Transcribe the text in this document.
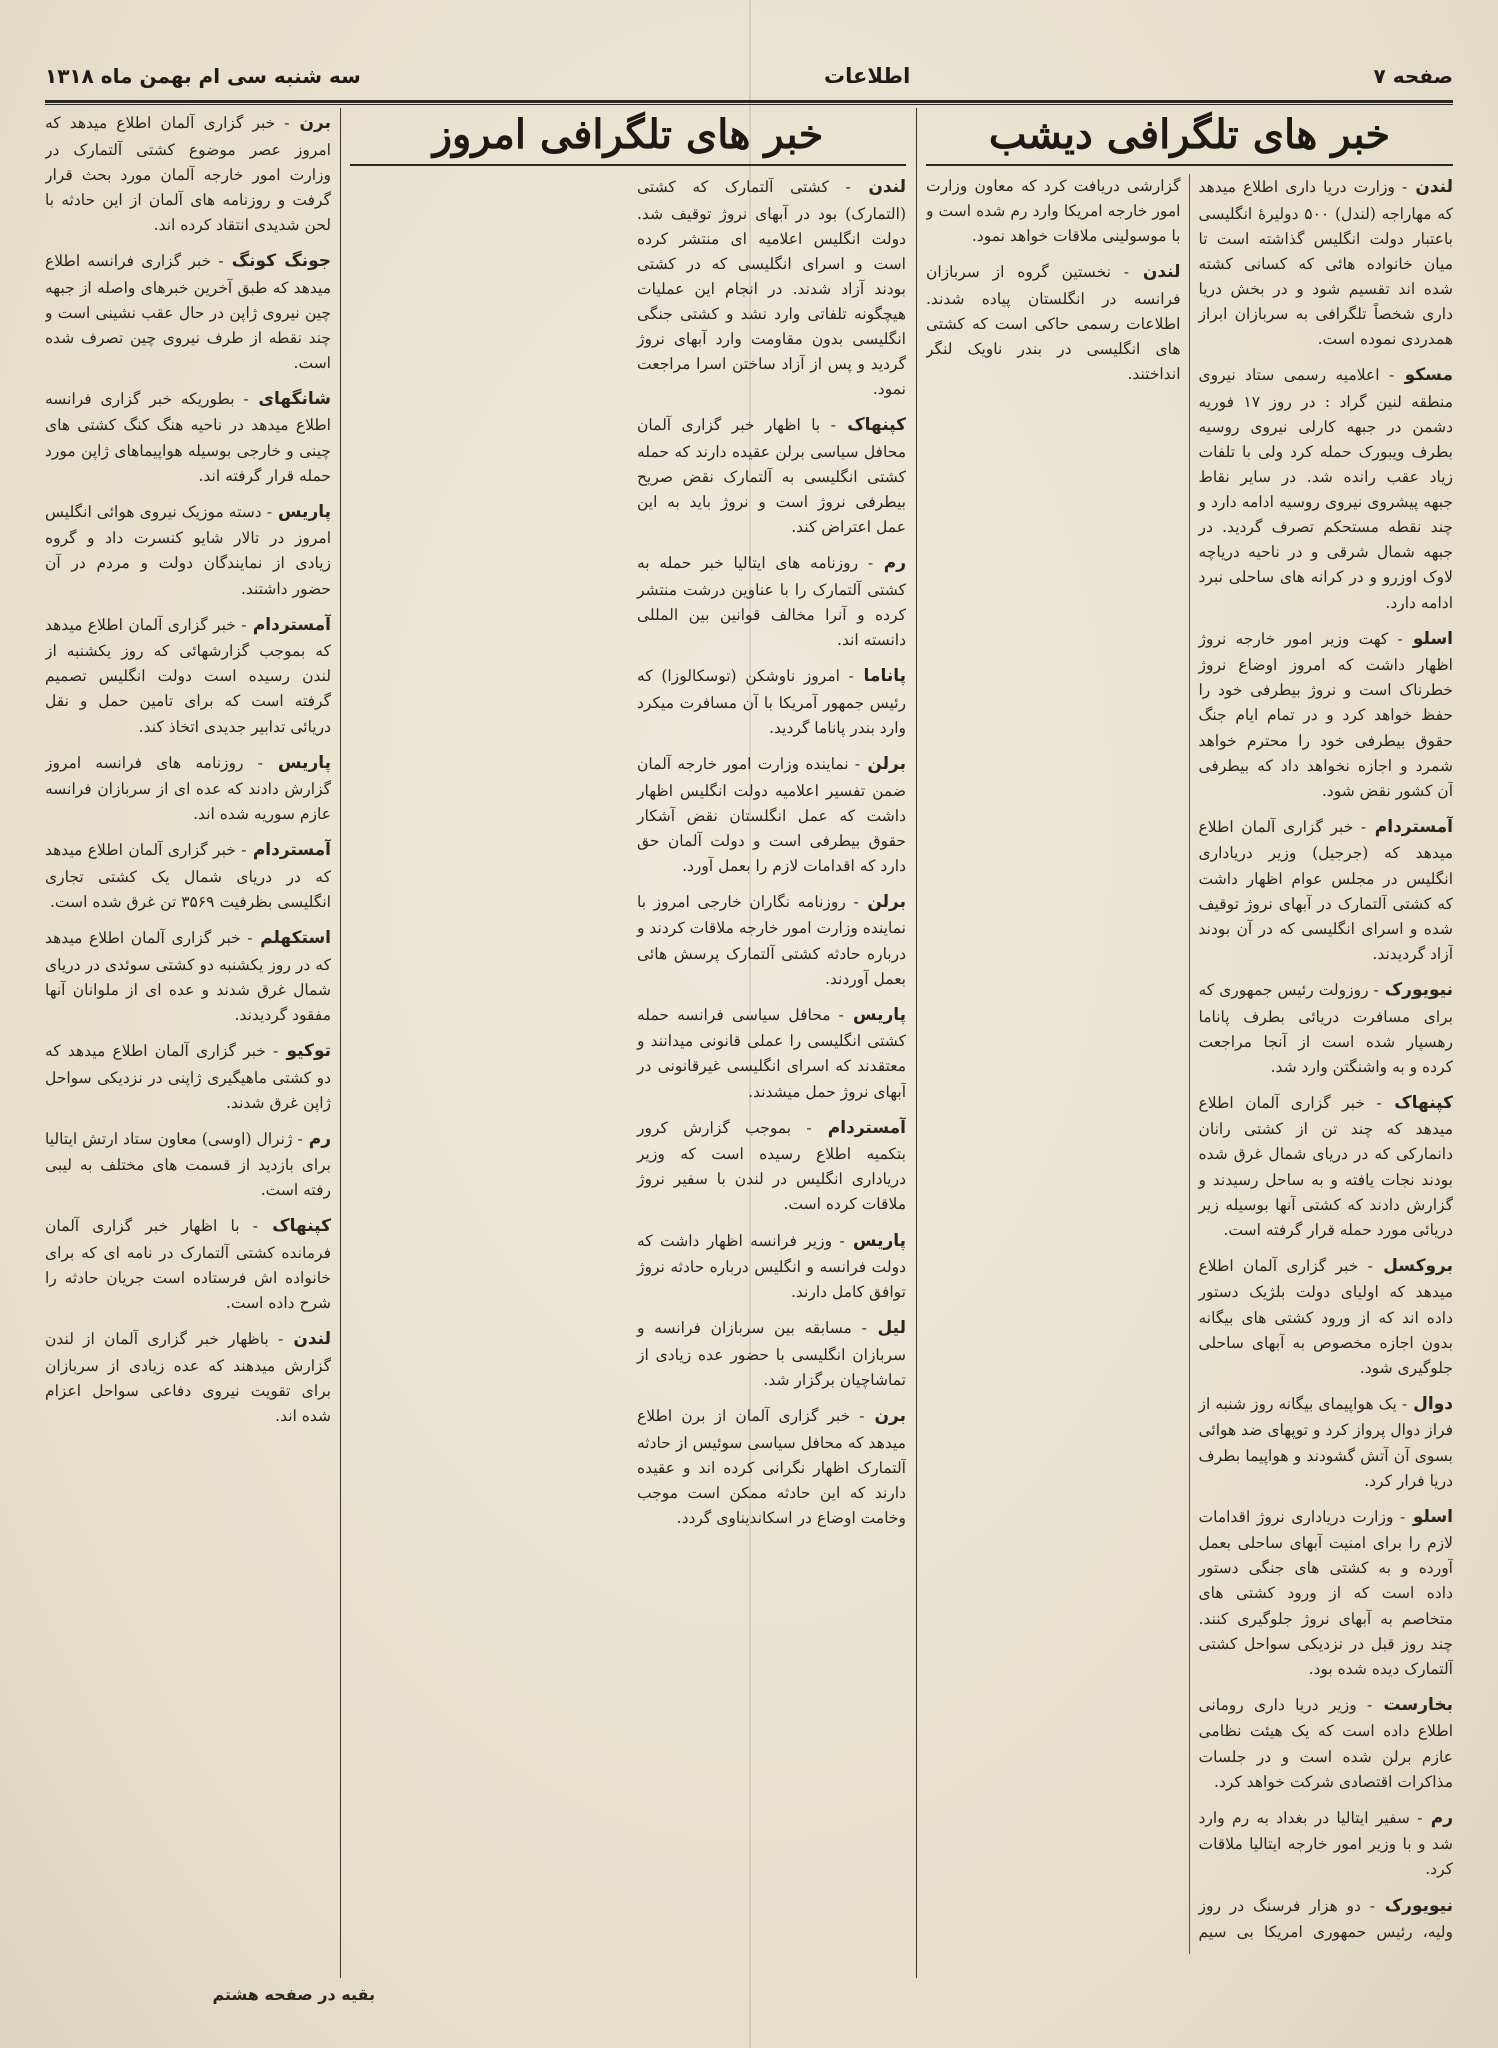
صفحه ۷
اطلاعات
سه شنبه سی ام بهمن ماه ۱۳۱۸
خبر های تلگرافی دیشب

لندن - وزارت دریا داری اطلاع میدهد که مهاراجه (لندل) ۵۰۰ دولیرۀ انگلیسی باعتبار دولت انگلیس گذاشته است تا میان خانواده هائی که کسانی کشته شده اند تقسیم شود و در بخش دریا داری شخصاً تلگرافی به سربازان ابراز همدردی نموده است.

مسکو - اعلامیه رسمی ستاد نیروی منطقه لنین گراد : در روز ۱۷ فوریه دشمن در جبهه کارلی نیروی روسیه بطرف ویبورک حمله کرد ولی با تلفات زیاد عقب رانده شد. در سایر نقاط جبهه پیشروی نیروی روسیه ادامه دارد و چند نقطه مستحکم تصرف گردید. در جبهه شمال شرقی و در ناحیه دریاچه لاوک اوزرو و در کرانه های ساحلی نبرد ادامه دارد.

اسلو - کهت وزیر امور خارجه نروژ اظهار داشت که امروز اوضاع نروژ خطرناک است و نروژ بیطرفی خود را حفظ خواهد کرد و در تمام ایام جنگ حقوق بیطرفی خود را محترم خواهد شمرد و اجازه نخواهد داد که بیطرفی آن کشور نقض شود.

آمستردام - خبر گزاری آلمان اطلاع میدهد که (جرجیل) وزیر دریاداری انگلیس در مجلس عوام اظهار داشت که کشتی آلتمارک در آبهای نروژ توقیف شده و اسرای انگلیسی که در آن بودند آزاد گردیدند.

نیویورک - روزولت رئیس جمهوری که برای مسافرت دریائی بطرف پاناما رهسپار شده است از آنجا مراجعت کرده و به واشنگتن وارد شد.

کپنهاک - خبر گزاری آلمان اطلاع میدهد که چند تن از کشتی رانان دانمارکی که در دریای شمال غرق شده بودند نجات یافته و به ساحل رسیدند و گزارش دادند که کشتی آنها بوسیله زیر دریائی مورد حمله قرار گرفته است.

بروکسل - خبر گزاری آلمان اطلاع میدهد که اولیای دولت بلژیک دستور داده اند که از ورود کشتی های بیگانه بدون اجازه مخصوص به آبهای ساحلی جلوگیری شود.

دوال - یک هواپیمای بیگانه روز شنبه از فراز دوال پرواز کرد و توپهای ضد هوائی بسوی آن آتش گشودند و هواپیما بطرف دریا فرار کرد.

اسلو - وزارت دریاداری نروژ اقدامات لازم را برای امنیت آبهای ساحلی بعمل آورده و به کشتی های جنگی دستور داده است که از ورود کشتی های متخاصم به آبهای نروژ جلوگیری کنند. چند روز قبل در نزدیکی سواحل کشتی آلتمارک دیده شده بود.

بخارست - وزیر دریا داری رومانی اطلاع داده است که یک هیئت نظامی عازم برلن شده است و در جلسات مذاکرات اقتصادی شرکت خواهد کرد.

رم - سفیر ایتالیا در بغداد به رم وارد شد و با وزیر امور خارجه ایتالیا ملاقات کرد.

نیویورک - دو هزار فرسنگ در روز ولیه، رئیس حمهوری امریکا بی سیم گزارشی دریافت کرد که معاون وزارت امور خارجه امریکا وارد رم شده است و با موسولینی ملاقات خواهد نمود.

لندن - نخستین گروه از سربازان فرانسه در انگلستان پیاده شدند. اطلاعات رسمی حاکی است که کشتی های انگلیسی در بندر ناویک لنگر انداختند.

خبر های تلگرافی امروز

لندن - کشتی آلتمارک که کشتی (التمارک) بود در آبهای نروژ توقیف شد. دولت انگلیس اعلامیه ای منتشر کرده است و اسرای انگلیسی که در کشتی بودند آزاد شدند. در انجام این عملیات هیچگونه تلفاتی وارد نشد و کشتی جنگی انگلیسی بدون مقاومت وارد آبهای نروژ گردید و پس از آزاد ساختن اسرا مراجعت نمود.

کپنهاک - با اظهار خبر گزاری آلمان محافل سیاسی برلن عقیده دارند که حمله کشتی انگلیسی به آلتمارک نقض صریح بیطرفی نروژ است و نروژ باید به این عمل اعتراض کند.

رم - روزنامه های ایتالیا خبر حمله به کشتی آلتمارک را با عناوین درشت منتشر کرده و آنرا مخالف قوانین بین المللی دانسته اند.

پاناما - امروز ناوشکن (توسکالوزا) که رئیس جمهور آمریکا با آن مسافرت میکرد وارد بندر پاناما گردید.

برلن - نماینده وزارت امور خارجه آلمان ضمن تفسیر اعلامیه دولت انگلیس اظهار داشت که عمل انگلستان نقض آشکار حقوق بیطرفی است و دولت آلمان حق دارد که اقدامات لازم را بعمل آورد.

برلن - روزنامه نگاران خارجی امروز با نماینده وزارت امور خارجه ملاقات کردند و درباره حادثه کشتی آلتمارک پرسش هائی بعمل آوردند.

پاریس - محافل سیاسی فرانسه حمله کشتی انگلیسی را عملی قانونی میدانند و معتقدند که اسرای انگلیسی غیرقانونی در آبهای نروژ حمل میشدند.

آمستردام - بموجب گزارش کرور بتکمیه اطلاع رسیده است که وزیر دریاداری انگلیس در لندن با سفیر نروژ ملاقات کرده است.

پاریس - وزیر فرانسه اظهار داشت که دولت فرانسه و انگلیس درباره حادثه نروژ توافق کامل دارند.

لیل - مسابقه بین سربازان فرانسه و سربازان انگلیسی با حضور عده زیادی از تماشاچیان برگزار شد.

برن - خبر گزاری آلمان از برن اطلاع میدهد که محافل سیاسی سوئیس از حادثه آلتمارک اظهار نگرانی کرده اند و عقیده دارند که این حادثه ممکن است موجب وخامت اوضاع در اسکاندیناوی گردد.

برن - خبر گزاری آلمان اطلاع میدهد که امروز عصر موضوع کشتی آلتمارک در وزارت امور خارجه آلمان مورد بحث قرار گرفت و روزنامه های آلمان از این حادثه با لحن شدیدی انتقاد کرده اند.

جونگ کونگ - خبر گزاری فرانسه اطلاع میدهد که طبق آخرین خبرهای واصله از جبهه چین نیروی ژاپن در حال عقب نشینی است و چند نقطه از طرف نیروی چین تصرف شده است.

شانگهای - بطوریکه خبر گزاری فرانسه اطلاع میدهد در ناحیه هنگ کنگ کشتی های چینی و خارجی بوسیله هواپیماهای ژاپن مورد حمله قرار گرفته اند.

پاریس - دسته موزیک نیروی هوائی انگلیس امروز در تالار شایو کنسرت داد و گروه زیادی از نمایندگان دولت و مردم در آن حضور داشتند.

آمستردام - خبر گزاری آلمان اطلاع میدهد که بموجب گزارشهائی که روز یکشنبه از لندن رسیده است دولت انگلیس تصمیم گرفته است که برای تامین حمل و نقل دریائی تدابیر جدیدی اتخاذ کند.

پاریس - روزنامه های فرانسه امروز گزارش دادند که عده ای از سربازان فرانسه عازم سوریه شده اند.

آمستردام - خبر گزاری آلمان اطلاع میدهد که در دریای شمال یک کشتی تجاری انگلیسی بظرفیت ۳۵۶۹ تن غرق شده است.

استکهلم - خبر گزاری آلمان اطلاع میدهد که در روز یکشنبه دو کشتی سوئدی در دریای شمال غرق شدند و عده ای از ملوانان آنها مفقود گردیدند.

توکیو - خبر گزاری آلمان اطلاع میدهد که دو کشتی ماهیگیری ژاپنی در نزدیکی سواحل ژاپن غرق شدند.

رم - ژنرال (اوسی) معاون ستاد ارتش ایتالیا برای بازدید از قسمت های مختلف به لیبی رفته است.

کپنهاک - با اظهار خبر گزاری آلمان فرمانده کشتی آلتمارک در نامه ای که برای خانواده اش فرستاده است جریان حادثه را شرح داده است.

لندن - باظهار خبر گزاری آلمان از لندن گزارش میدهند که عده زیادی از سربازان برای تقویت نیروی دفاعی سواحل اعزام شده اند.

بقیه در صفحه هشتم
